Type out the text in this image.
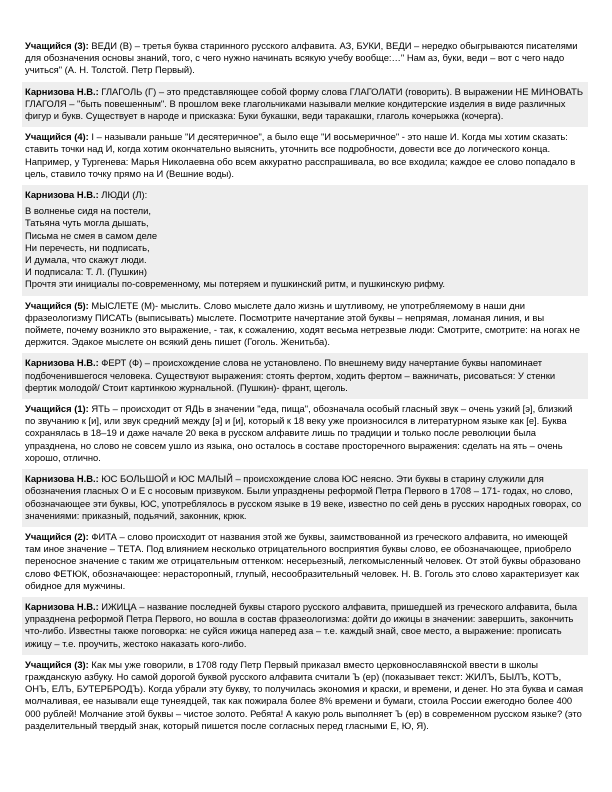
Учащийся (3): ВЕДИ (В) – третья буква старинного русского алфавита. АЗ, БУКИ, ВЕДИ – нередко обыгрываются писателями для обозначения основы знаний, того, с чего нужно начинать всякую учебу вообще:…" Нам аз, буки, веди – вот с чего надо учиться" (А. Н. Толстой. Петр Первый).

Карнизова Н.В.: ГЛАГОЛЬ (Г) – это представляющее собой форму слова ГЛАГОЛАТИ (говорить). В выражении НЕ МИНОВАТЬ ГЛАГОЛЯ – "быть повешенным". В прошлом веке глагольчиками называли мелкие кондитерские изделия в виде различных фигур и букв. Существует в народе и присказка: Буки букашки, веди таракашки, глаголь кочерыжка (кочерга).

Учащийся (4): I – называли раньше "И десятеричное", а было еще "И восьмеричное" - это наше И. Когда мы хотим сказать: ставить точки над И, когда хотим окончательно выяснить, уточнить все подробности, довести все до логического конца. Например, у Тургенева: Марья Николаевна обо всем аккуратно расспрашивала, во все входила; каждое ее слово попадало в цель, ставило точку прямо на И (Вешние воды).

Карнизова Н.В.: ЛЮДИ (Л):
В волненье сидя на постели,
Татьяна чуть могла дышать,
Письма не смея в самом деле
Ни перечесть, ни подписать,
И думала, что скажут люди.
И подписала: Т. Л. (Пушкин)
Прочтя эти инициалы по-современному, мы потеряем и пушкинский ритм, и пушкинскую рифму.

Учащийся (5): МЫСЛЕТЕ (М)- мыслить. Слово мыслете дало жизнь и шутливому, не употребляемому в наши дни фразеологизму ПИСАТЬ (выписывать) мыслете. Посмотрите начертание этой буквы – непрямая, ломаная линия, и вы поймете, почему возникло это выражение, - так, к сожалению, ходят весьма нетрезвые люди: Смотрите, смотрите: на ногах не держится. Эдакое мыслете он всякий день пишет (Гоголь. Женитьба).

Карнизова Н.В.: ФЕРТ (Ф) – происхождение слова не установлено. По внешнему виду начертание буквы напоминает подбоченившегося человека. Существуют выражения: стоять фертом, ходить фертом – важничать, рисоваться: У стенки фертик молодой/ Стоит картинкою журнальной. (Пушкин)- франт, щеголь.

Учащийся (1): ЯТЬ – происходит от ЯДЬ в значении "еда, пища", обозначала особый гласный звук – очень узкий [э], близкий по звучанию к [и], или звук средний между [э] и [и], который к 18 веку уже произносился в литературном языке как [е]. Буква сохранялась в 18–19 и даже начале 20 века в русском алфавите лишь по традиции и только после революции была упразднена, но слово не совсем ушло из языка, оно осталось в составе просторечного выражения: сделать на ять – очень хорошо, отлично.

Карнизова Н.В.: ЮС БОЛЬШОЙ и ЮС МАЛЫЙ – происхождение слова ЮС неясно. Эти буквы в старину служили для обозначения гласных О и Е с носовым призвуком. Были упразднены реформой Петра Первого в 1708 – 171- годах, но слово, обозначающее эти буквы, ЮС, употреблялось в русском языке в 19 веке, известно по сей день в русских народных говорах, со значениями: приказный, подьячий, законник, крюк.

Учащийся (2): ФИТА – слово происходит от названия этой же буквы, заимствованной из греческого алфавита, но имеющей там иное значение – ТЕТА. Под влиянием несколько отрицательного восприятия буквы слово, ее обозначающее, приобрело переносное значение с таким же отрицательным оттенком: несерьезный, легкомысленный человек. От этой буквы образовано слово ФЕТЮК, обозначающее: нерасторопный, глупый, несообразительный человек. Н. В. Гоголь это слово характеризует как обидное для мужчины.

Карнизова Н.В.: ИЖИЦА – название последней буквы старого русского алфавита, пришедшей из греческого алфавита, была упразднена реформой Петра Первого, но вошла в состав фразеологизма: дойти до ижицы в значении: завершить, закончить что-либо. Известны также поговорка: не суйся ижица наперед аза – т.е. каждый знай, свое место, а выражение: прописать ижицу – т.е. проучить, жестоко наказать кого-либо.

Учащийся (3): Как мы уже говорили, в 1708 году Петр Первый приказал вместо церковнославянской ввести в школы гражданскую азбуку. Но самой дорогой буквой русского алфавита считали Ъ (ер) (показывает текст: ЖИЛЪ, БЫЛЪ, КОТЪ, ОНЪ, ЕЛЪ, БУТЕРБРОДЪ). Когда убрали эту букву, то получилась экономия и краски, и времени, и денег. Но эта буква и самая молчаливая, ее называли еще тунеядцей, так как пожирала более 8% времени и бумаги, стоила России ежегодно более 400 000 рублей! Молчание этой буквы – чистое золото. Ребята! А какую роль выполняет Ъ (ер) в современном русском языке? (это разделительный твердый знак, который пишется после согласных перед гласными Е, Ю, Я).
